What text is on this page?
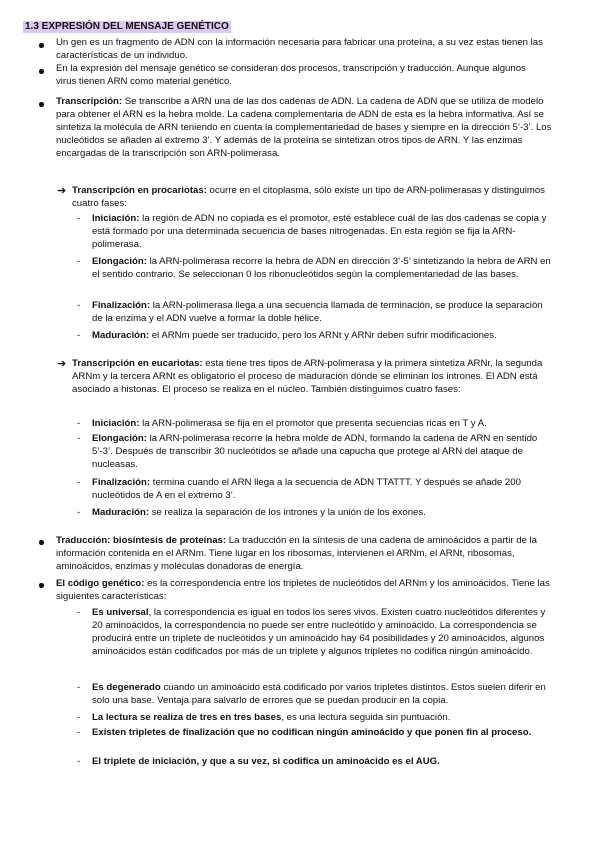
1.3 EXPRESIÓN DEL MENSAJE GENÉTICO

Un gen es un fragmento de ADN con la información necesaria para fabricar una proteína, a su vez estas tienen las características de un individuo.

En la expresión del mensaje genético se consideran dos procesos, transcripción y traducción. Aunque algunos virus tienen ARN como material genético.

Transcripción: Se transcribe a ARN una de las dos cadenas de ADN. La cadena de ADN que se utiliza de modelo para obtener el ARN es la hebra molde. La cadena complementaria de ADN de esta es la hebra informativa. Así se sintetiza la molécula de ARN teniendo en cuenta la complementariedad de bases y siempre en la dirección 5’-3’. Los nucleótidos se añaden al extremo 3’. Y además de la proteína se sintetizan otros tipos de ARN. Y las enzimas encargadas de la transcripción son ARN-polimerasa.

➔ Transcripción en procariotas: ocurre en el citoplasma, sólo existe un tipo de ARN-polimerasas y distinguimos cuatro fases:

- Iniciación: la región de ADN no copiada es el promotor, esté establece cuál de las dos cadenas se copia y está formado por una determinada secuencia de bases nitrogenadas. En esta región se fija la ARN-polimerasa.

- Elongación: la ARN-polimerasa recorre la hebra de ADN en dirección 3’-5’ sintetizando la hebra de ARN en el sentido contrario. Se seleccionan 0 los ribonucleótidos según la complementariedad de las bases.

- Finalización: la ARN-polimerasa llega a una secuencia llamada de terminación, se produce la separación de la enzima y el ADN vuelve a formar la doble hélice.

- Maduración: el ARNm puede ser traducido, pero los ARNt y ARNr deben sufrir modificaciones.

➔ Transcripción en eucariotas: esta tiene tres tipos de ARN-polimerasa y la primera sintetiza ARNr, la segunda ARNm y la tercera ARNt es obligatorio el proceso de maduración dónde se eliminan los intrones. El ADN está asociado a histonas. El proceso se realiza en el núcleo. También distinguimos cuatro fases:

- Iniciación: la ARN-polimerasa se fija en el promotor que presenta secuencias ricas en T y A.

- Elongación: la ARN-polimerasa recorre la hebra molde de ADN, formando la cadena de ARN en sentido 5’-3’. Después de transcribir 30 nucleótidos se añade una capucha que protege al ARN del ataque de nucleasas.

- Finalización: termina cuando el ARN llega a la secuencia de ADN TTATTT. Y después se añade 200 nucleótidos de A en el extremo 3’.

- Maduración: se realiza la separación de los intrones y la unión de los exones.

Traducción: biosíntesis de proteínas: La traducción en la síntesis de una cadena de aminoácidos a partir de la información contenida en el ARNm. Tiene lugar en los ribosomas, intervienen el ARNm, el ARNt, ribosomas, aminoácidos, enzimas y moléculas donadoras de energía.

El código genético: es la correspondencia entre los tripletes de nucleótidos del ARNm y los aminoácidos. Tiene las siguientes características:

- Es universal, la correspondencia es igual en todos los seres vivos. Existen cuatro nucleótidos diferentes y 20 aminoácidos, la correspondencia no puede ser entre nucleótido y aminoácido. La correspondencia se producirá entre un triplete de nucleótidos y un aminoácido hay 64 posibilidades y 20 aminoácidos, algunos aminoácidos están codificados por más de un triplete y algunos tripletes no codifica ningún aminoácido.

- Es degenerado cuando un aminoácido está codificado por varios tripletes distintos. Estos suelen diferir en solo una base. Ventaja para salvarlo de errores que se puedan producir en la copia.

- La lectura se realiza de tres en tres bases, es una lectura seguida sin puntuación.

- Existen tripletes de finalización que no codifican ningún aminoácido y que ponen fin al proceso.

- El triplete de iniciación, y que a su vez, si codifica un aminoácido es el AUG.
